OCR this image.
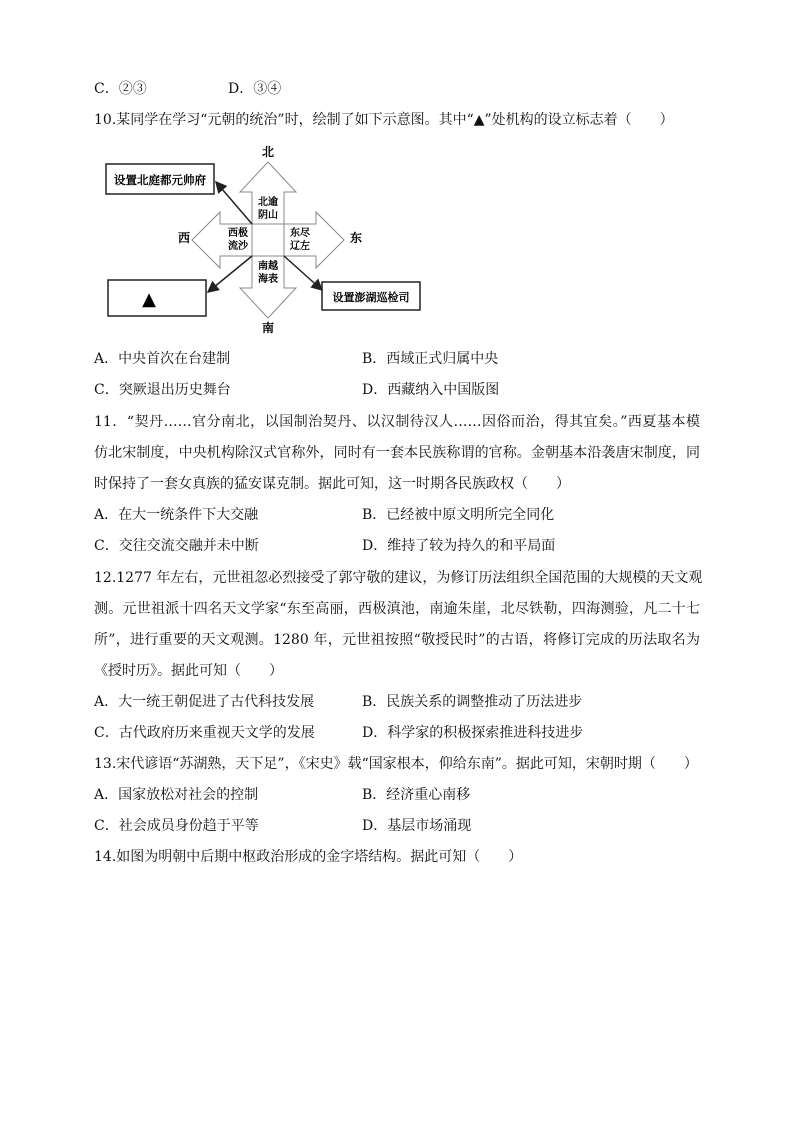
C．②③	D．③④
10.某同学在学习“元朝的统治”时，绘制了如下示意图。其中“▲”处机构的设立标志着（　　）
北
南
西	东
北逾
阴山
西极
流沙
东尽
辽左
南越
海表
设置北庭都元帅府
设置澎湖巡检司
▲
A．中央首次在台建制	B．西域正式归属中央
C．突厥退出历史舞台	D．西藏纳入中国版图
11．“契丹……官分南北，以国制治契丹、以汉制待汉人……因俗而治，得其宜矣。”西夏基本模
仿北宋制度，中央机构除汉式官称外，同时有一套本民族称谓的官称。金朝基本沿袭唐宋制度，同
时保持了一套女真族的猛安谋克制。据此可知，这一时期各民族政权（　　）
A．在大一统条件下大交融	B．已经被中原文明所完全同化
C．交往交流交融并未中断	D．维持了较为持久的和平局面
12.1277 年左右，元世祖忽必烈接受了郭守敬的建议，为修订历法组织全国范围的大规模的天文观
测。元世祖派十四名天文学家“东至高丽，西极滇池，南逾朱崖，北尽铁勒，四海测验，凡二十七
所”，进行重要的天文观测。1280 年，元世祖按照“敬授民时”的古语，将修订完成的历法取名为
《授时历》。据此可知（　　）
A．大一统王朝促进了古代科技发展	B．民族关系的调整推动了历法进步
C．古代政府历来重视天文学的发展	D．科学家的积极探索推进科技进步
13.宋代谚语“苏湖熟，天下足”，《宋史》载“国家根本，仰给东南”。据此可知，宋朝时期（　　）
A．国家放松对社会的控制	B．经济重心南移
C．社会成员身份趋于平等	D．基层市场涌现
14.如图为明朝中后期中枢政治形成的金字塔结构。据此可知（　　）
